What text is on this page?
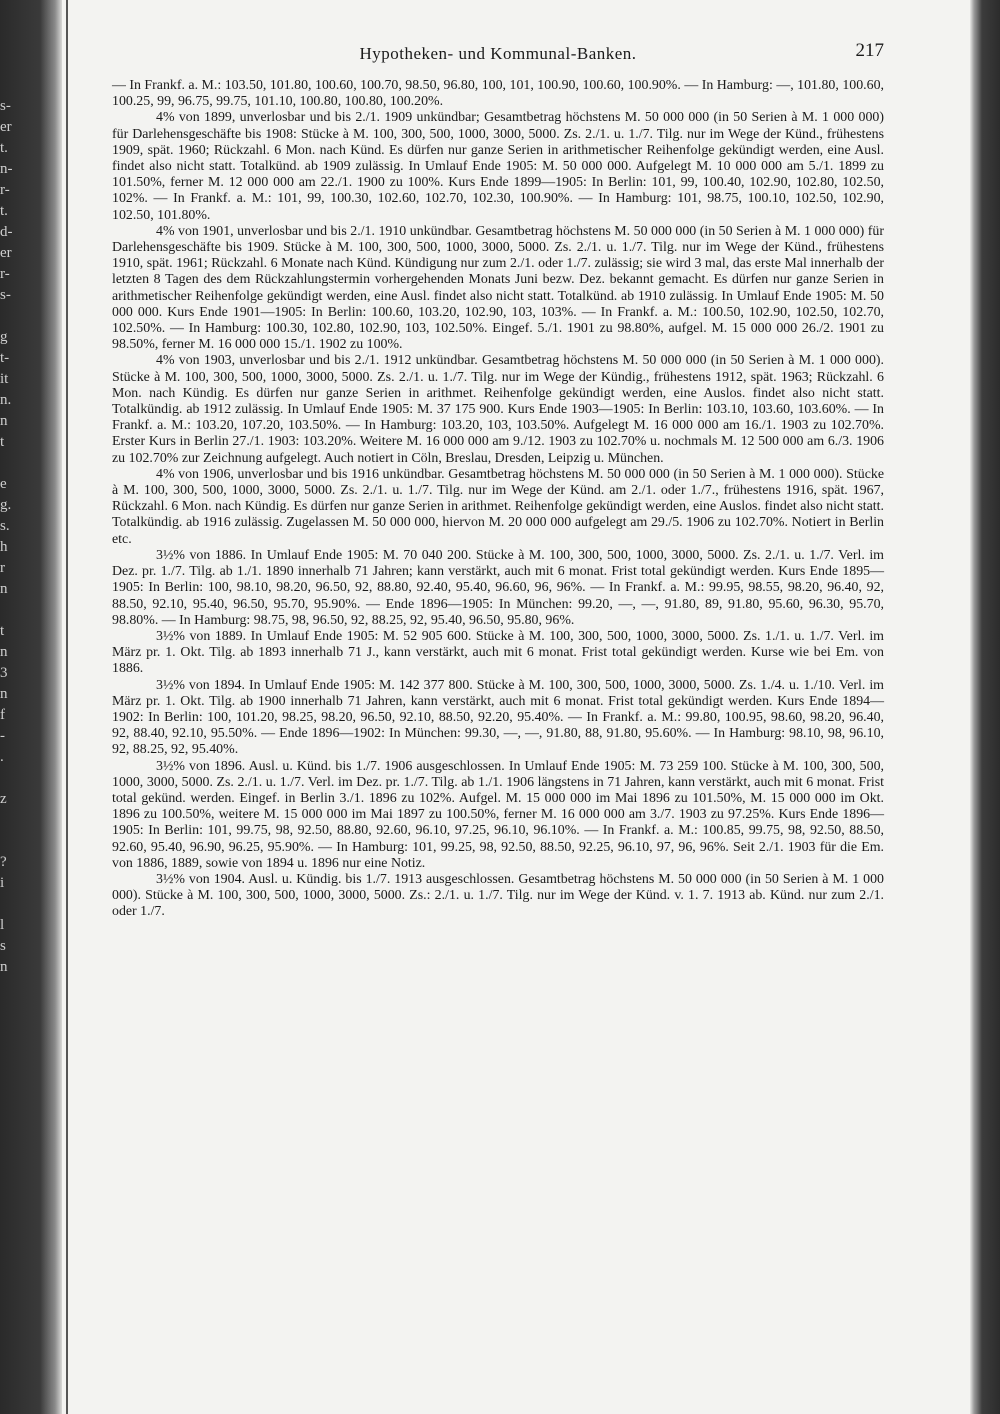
s-
er
t.
n-
r-
t.
d-
er
r-
s-
g
t-
it
n.
n
t
e
g.
s.
h
r
n
t
n
3
n
f
-
.
z
?
i
l
s
n
Hypotheken- und Kommunal-Banken.	217

— In Frankf. a. M.: 103.50, 101.80, 100.60, 100.70, 98.50, 96.80, 100, 101, 100.90, 100.60, 100.90%. — In Hamburg: —, 101.80, 100.60, 100.25, 99, 96.75, 99.75, 101.10, 100.80, 100.80, 100.20%.

4% von 1899, unverlosbar und bis 2./1. 1909 unkündbar; Gesamtbetrag höchstens M. 50 000 000 (in 50 Serien à M. 1 000 000) für Darlehensgeschäfte bis 1908: Stücke à M. 100, 300, 500, 1000, 3000, 5000. Zs. 2./1. u. 1./7. Tilg. nur im Wege der Künd., frühestens 1909, spät. 1960; Rückzahl. 6 Mon. nach Künd. Es dürfen nur ganze Serien in arithmetischer Reihenfolge gekündigt werden, eine Ausl. findet also nicht statt. Totalkünd. ab 1909 zulässig. In Umlauf Ende 1905: M. 50 000 000. Aufgelegt M. 10 000 000 am 5./1. 1899 zu 101.50%, ferner M. 12 000 000 am 22./1. 1900 zu 100%. Kurs Ende 1899—1905: In Berlin: 101, 99, 100.40, 102.90, 102.80, 102.50, 102%. — In Frankf. a. M.: 101, 99, 100.30, 102.60, 102.70, 102.30, 100.90%. — In Hamburg: 101, 98.75, 100.10, 102.50, 102.90, 102.50, 101.80%.

4% von 1901, unverlosbar und bis 2./1. 1910 unkündbar. Gesamtbetrag höchstens M. 50 000 000 (in 50 Serien à M. 1 000 000) für Darlehensgeschäfte bis 1909. Stücke à M. 100, 300, 500, 1000, 3000, 5000. Zs. 2./1. u. 1./7. Tilg. nur im Wege der Künd., frühestens 1910, spät. 1961; Rückzahl. 6 Monate nach Künd. Kündigung nur zum 2./1. oder 1./7. zulässig; sie wird 3 mal, das erste Mal innerhalb der letzten 8 Tagen des dem Rückzahlungstermin vorhergehenden Monats Juni bezw. Dez. bekannt gemacht. Es dürfen nur ganze Serien in arithmetischer Reihenfolge gekündigt werden, eine Ausl. findet also nicht statt. Totalkünd. ab 1910 zulässig. In Umlauf Ende 1905: M. 50 000 000. Kurs Ende 1901—1905: In Berlin: 100.60, 103.20, 102.90, 103, 103%. — In Frankf. a. M.: 100.50, 102.90, 102.50, 102.70, 102.50%. — In Hamburg: 100.30, 102.80, 102.90, 103, 102.50%. Eingef. 5./1. 1901 zu 98.80%, aufgel. M. 15 000 000 26./2. 1901 zu 98.50%, ferner M. 16 000 000 15./1. 1902 zu 100%.

4% von 1903, unverlosbar und bis 2./1. 1912 unkündbar. Gesamtbetrag höchstens M. 50 000 000 (in 50 Serien à M. 1 000 000). Stücke à M. 100, 300, 500, 1000, 3000, 5000. Zs. 2./1. u. 1./7. Tilg. nur im Wege der Kündig., frühestens 1912, spät. 1963; Rückzahl. 6 Mon. nach Kündig. Es dürfen nur ganze Serien in arithmet. Reihenfolge gekündigt werden, eine Auslos. findet also nicht statt. Totalkündig. ab 1912 zulässig. In Umlauf Ende 1905: M. 37 175 900. Kurs Ende 1903—1905: In Berlin: 103.10, 103.60, 103.60%. — In Frankf. a. M.: 103.20, 107.20, 103.50%. — In Hamburg: 103.20, 103, 103.50%. Aufgelegt M. 16 000 000 am 16./1. 1903 zu 102.70%. Erster Kurs in Berlin 27./1. 1903: 103.20%. Weitere M. 16 000 000 am 9./12. 1903 zu 102.70% u. nochmals M. 12 500 000 am 6./3. 1906 zu 102.70% zur Zeichnung aufgelegt. Auch notiert in Cöln, Breslau, Dresden, Leipzig u. München.

4% von 1906, unverlosbar und bis 1916 unkündbar. Gesamtbetrag höchstens M. 50 000 000 (in 50 Serien à M. 1 000 000). Stücke à M. 100, 300, 500, 1000, 3000, 5000. Zs. 2./1. u. 1./7. Tilg. nur im Wege der Künd. am 2./1. oder 1./7., frühestens 1916, spät. 1967, Rückzahl. 6 Mon. nach Kündig. Es dürfen nur ganze Serien in arithmet. Reihenfolge gekündigt werden, eine Auslos. findet also nicht statt. Totalkündig. ab 1916 zulässig. Zugelassen M. 50 000 000, hiervon M. 20 000 000 aufgelegt am 29./5. 1906 zu 102.70%. Notiert in Berlin etc.

3½% von 1886. In Umlauf Ende 1905: M. 70 040 200. Stücke à M. 100, 300, 500, 1000, 3000, 5000. Zs. 2./1. u. 1./7. Verl. im Dez. pr. 1./7. Tilg. ab 1./1. 1890 innerhalb 71 Jahren; kann verstärkt, auch mit 6 monat. Frist total gekündigt werden. Kurs Ende 1895—1905: In Berlin: 100, 98.10, 98.20, 96.50, 92, 88.80, 92.40, 95.40, 96.60, 96, 96%. — In Frankf. a. M.: 99.95, 98.55, 98.20, 96.40, 92, 88.50, 92.10, 95.40, 96.50, 95.70, 95.90%. — Ende 1896—1905: In München: 99.20, —, —, 91.80, 89, 91.80, 95.60, 96.30, 95.70, 98.80%. — In Hamburg: 98.75, 98, 96.50, 92, 88.25, 92, 95.40, 96.50, 95.80, 96%.

3½% von 1889. In Umlauf Ende 1905: M. 52 905 600. Stücke à M. 100, 300, 500, 1000, 3000, 5000. Zs. 1./1. u. 1./7. Verl. im März pr. 1. Okt. Tilg. ab 1893 innerhalb 71 J., kann verstärkt, auch mit 6 monat. Frist total gekündigt werden. Kurse wie bei Em. von 1886.

3½% von 1894. In Umlauf Ende 1905: M. 142 377 800. Stücke à M. 100, 300, 500, 1000, 3000, 5000. Zs. 1./4. u. 1./10. Verl. im März pr. 1. Okt. Tilg. ab 1900 innerhalb 71 Jahren, kann verstärkt, auch mit 6 monat. Frist total gekündigt werden. Kurs Ende 1894—1902: In Berlin: 100, 101.20, 98.25, 98.20, 96.50, 92.10, 88.50, 92.20, 95.40%. — In Frankf. a. M.: 99.80, 100.95, 98.60, 98.20, 96.40, 92, 88.40, 92.10, 95.50%. — Ende 1896—1902: In München: 99.30, —, —, 91.80, 88, 91.80, 95.60%. — In Hamburg: 98.10, 98, 96.10, 92, 88.25, 92, 95.40%.

3½% von 1896. Ausl. u. Künd. bis 1./7. 1906 ausgeschlossen. In Umlauf Ende 1905: M. 73 259 100. Stücke à M. 100, 300, 500, 1000, 3000, 5000. Zs. 2./1. u. 1./7. Verl. im Dez. pr. 1./7. Tilg. ab 1./1. 1906 längstens in 71 Jahren, kann verstärkt, auch mit 6 monat. Frist total gekünd. werden. Eingef. in Berlin 3./1. 1896 zu 102%. Aufgel. M. 15 000 000 im Mai 1896 zu 101.50%, M. 15 000 000 im Okt. 1896 zu 100.50%, weitere M. 15 000 000 im Mai 1897 zu 100.50%, ferner M. 16 000 000 am 3./7. 1903 zu 97.25%. Kurs Ende 1896—1905: In Berlin: 101, 99.75, 98, 92.50, 88.80, 92.60, 96.10, 97.25, 96.10, 96.10%. — In Frankf. a. M.: 100.85, 99.75, 98, 92.50, 88.50, 92.60, 95.40, 96.90, 96.25, 95.90%. — In Hamburg: 101, 99.25, 98, 92.50, 88.50, 92.25, 96.10, 97, 96, 96%. Seit 2./1. 1903 für die Em. von 1886, 1889, sowie von 1894 u. 1896 nur eine Notiz.

3½% von 1904. Ausl. u. Kündig. bis 1./7. 1913 ausgeschlossen. Gesamtbetrag höchstens M. 50 000 000 (in 50 Serien à M. 1 000 000). Stücke à M. 100, 300, 500, 1000, 3000, 5000. Zs.: 2./1. u. 1./7. Tilg. nur im Wege der Künd. v. 1. 7. 1913 ab. Künd. nur zum 2./1. oder 1./7.
